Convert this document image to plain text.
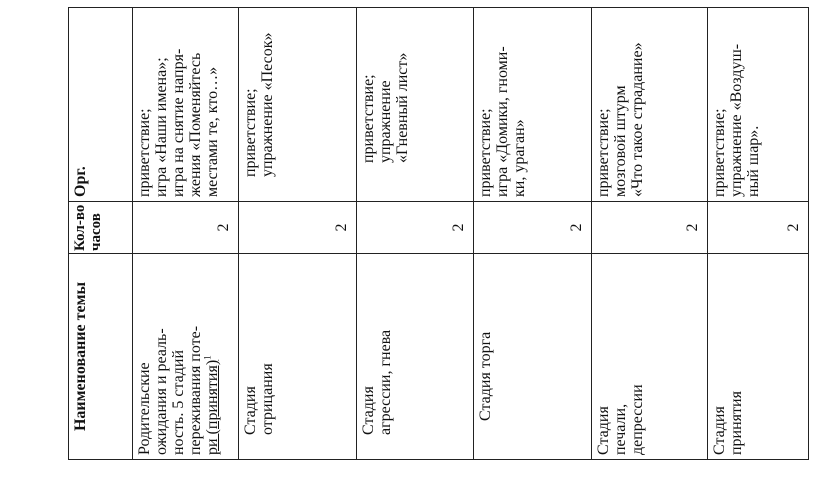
Наименование темы	Кол-во часов	Орг.

Родительские ожидания и реаль- ность. 5 стадий переживания поте- ри (принятия)$^1$	2	приветствие; игра «Наши имена»; игра на снятие напря- жения «Поменяйтесь местами те, кто…»

Стадия отрицания	2	приветствие; упражнение «Песок»

Стадия агрессии, гнева	2	приветствие; упражнение «Гневный лист»

Стадия торга	2	приветствие; игра «Домики, гноми- ки, ураган»

Стадия печали, депрессии	2	приветствие; мозговой штурм «Что такое страдание»

Стадия принятия	2	приветствие; упражнение «Воздуш- ный шар».
